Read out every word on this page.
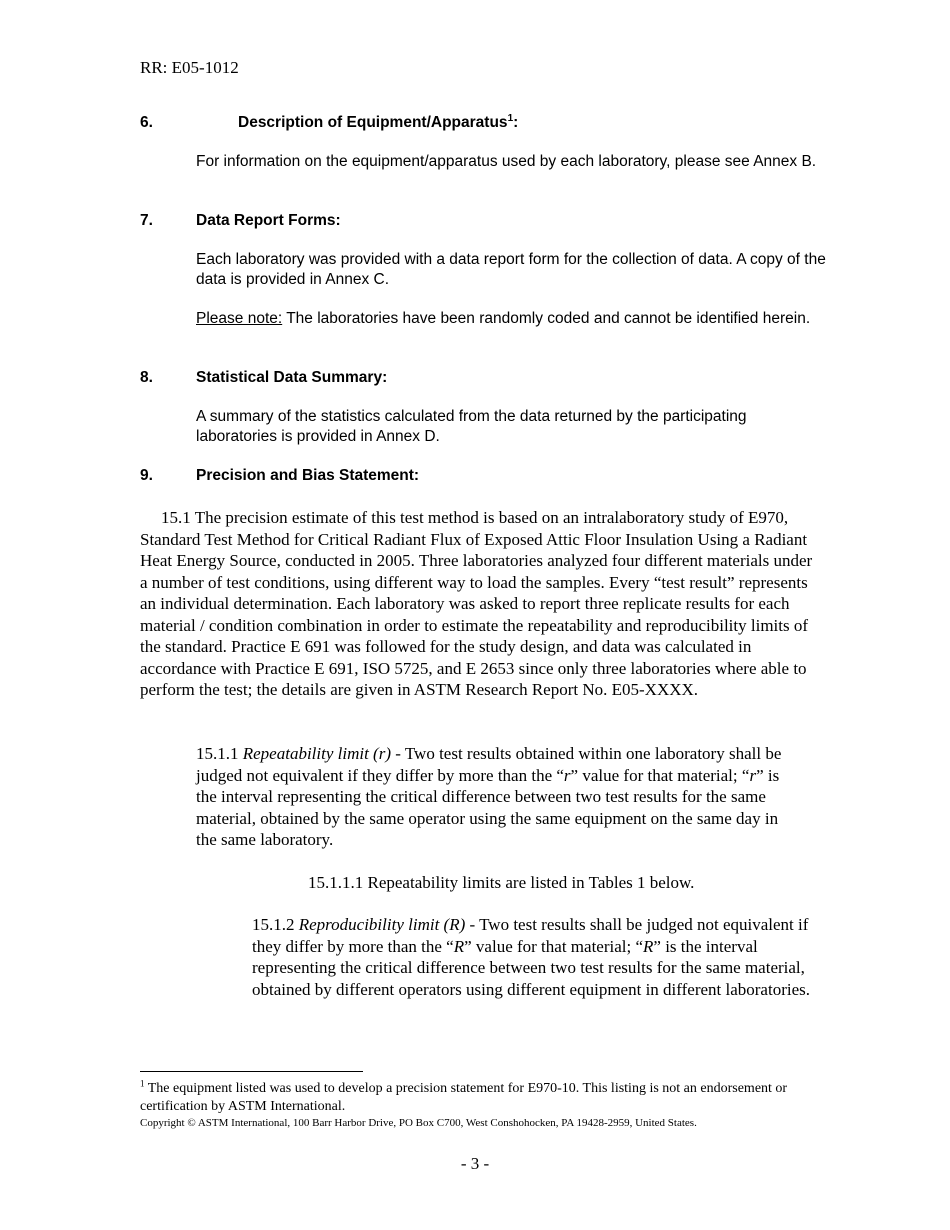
RR: E05-1012
6.	Description of Equipment/Apparatus$^1$:
For information on the equipment/apparatus used by each laboratory, please see Annex B.
7.	Data Report Forms:
Each laboratory was provided with a data report form for the collection of data. A copy of the data is provided in Annex C.
Please note: The laboratories have been randomly coded and cannot be identified herein.
8.	Statistical Data Summary:
A summary of the statistics calculated from the data returned by the participating laboratories is provided in Annex D.
9.	Precision and Bias Statement:
15.1 The precision estimate of this test method is based on an intralaboratory study of E970, Standard Test Method for Critical Radiant Flux of Exposed Attic Floor Insulation Using a Radiant Heat Energy Source, conducted in 2005. Three laboratories analyzed four different materials under a number of test conditions, using different way to load the samples. Every “test result” represents an individual determination. Each laboratory was asked to report three replicate results for each material / condition combination in order to estimate the repeatability and reproducibility limits of the standard. Practice E 691 was followed for the study design, and data was calculated in accordance with Practice E 691, ISO 5725, and E 2653 since only three laboratories where able to perform the test; the details are given in ASTM Research Report No. E05-XXXX.
15.1.1 Repeatability limit (r) - Two test results obtained within one laboratory shall be judged not equivalent if they differ by more than the “r” value for that material; “r” is the interval representing the critical difference between two test results for the same material, obtained by the same operator using the same equipment on the same day in the same laboratory.
15.1.1.1 Repeatability limits are listed in Tables 1 below.
15.1.2 Reproducibility limit (R) - Two test results shall be judged not equivalent if they differ by more than the “R” value for that material; “R” is the interval representing the critical difference between two test results for the same material, obtained by different operators using different equipment in different laboratories.
$^1$ The equipment listed was used to develop a precision statement for E970-10. This listing is not an endorsement or certification by ASTM International.
Copyright © ASTM International, 100 Barr Harbor Drive, PO Box C700, West Conshohocken, PA 19428-2959, United States.
- 3 -
